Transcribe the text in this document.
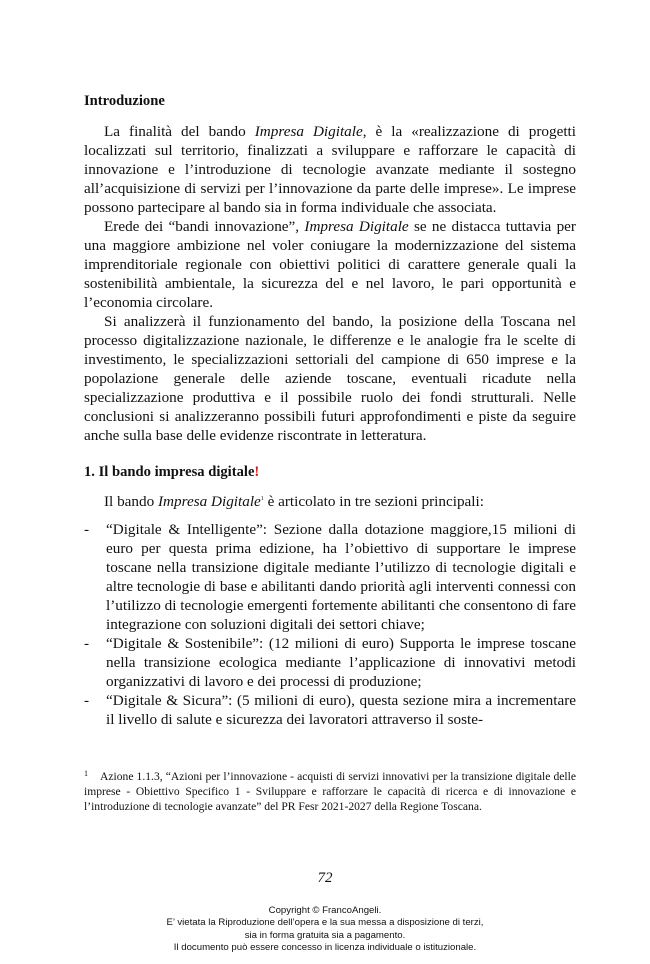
Introduzione

La finalità del bando Impresa Digitale, è la «realizzazione di progetti localizzati sul territorio, finalizzati a sviluppare e rafforzare le capacità di innovazione e l’introduzione di tecnologie avanzate mediante il sostegno all’acquisizione di servizi per l’innovazione da parte delle imprese». Le imprese possono partecipare al bando sia in forma individuale che associata.

Erede dei “bandi innovazione”, Impresa Digitale se ne distacca tuttavia per una maggiore ambizione nel voler coniugare la modernizzazione del sistema imprenditoriale regionale con obiettivi politici di carattere generale quali la sostenibilità ambientale, la sicurezza del e nel lavoro, le pari opportunità e l’economia circolare.

Si analizzerà il funzionamento del bando, la posizione della Toscana nel processo digitalizzazione nazionale, le differenze e le analogie fra le scelte di investimento, le specializzazioni settoriali del campione di 650 imprese e la popolazione generale delle aziende toscane, eventuali ricadute nella specializzazione produttiva e il possibile ruolo dei fondi strutturali. Nelle conclusioni si analizzeranno possibili futuri approfondimenti e piste da seguire anche sulla base delle evidenze riscontrate in letteratura.

1. Il bando impresa digitale!

Il bando Impresa Digitale$^1$ è articolato in tre sezioni principali:

- “Digitale & Intelligente”: Sezione dalla dotazione maggiore,15 milioni di euro per questa prima edizione, ha l’obiettivo di supportare le imprese toscane nella transizione digitale mediante l’utilizzo di tecnologie digitali e altre tecnologie di base e abilitanti dando priorità agli interventi connessi con l’utilizzo di tecnologie emergenti fortemente abilitanti che consentono di fare integrazione con soluzioni digitali dei settori chiave;
- “Digitale & Sostenibile”: (12 milioni di euro) Supporta le imprese toscane nella transizione ecologica mediante l’applicazione di innovativi metodi organizzativi di lavoro e dei processi di produzione;
- “Digitale & Sicura”: (5 milioni di euro), questa sezione mira a incrementare il livello di salute e sicurezza dei lavoratori attraverso il soste-
$^1$ Azione 1.1.3, “Azioni per l’innovazione - acquisti di servizi innovativi per la transizione digitale delle imprese - Obiettivo Specifico 1 - Sviluppare e rafforzare le capacità di ricerca e di innovazione e l’introduzione di tecnologie avanzate” del PR Fesr 2021-2027 della Regione Toscana.
72
Copyright © FrancoAngeli.
E’ vietata la Riproduzione dell’opera e la sua messa a disposizione di terzi,
sia in forma gratuita sia a pagamento.
Il documento può essere concesso in licenza individuale o istituzionale.
